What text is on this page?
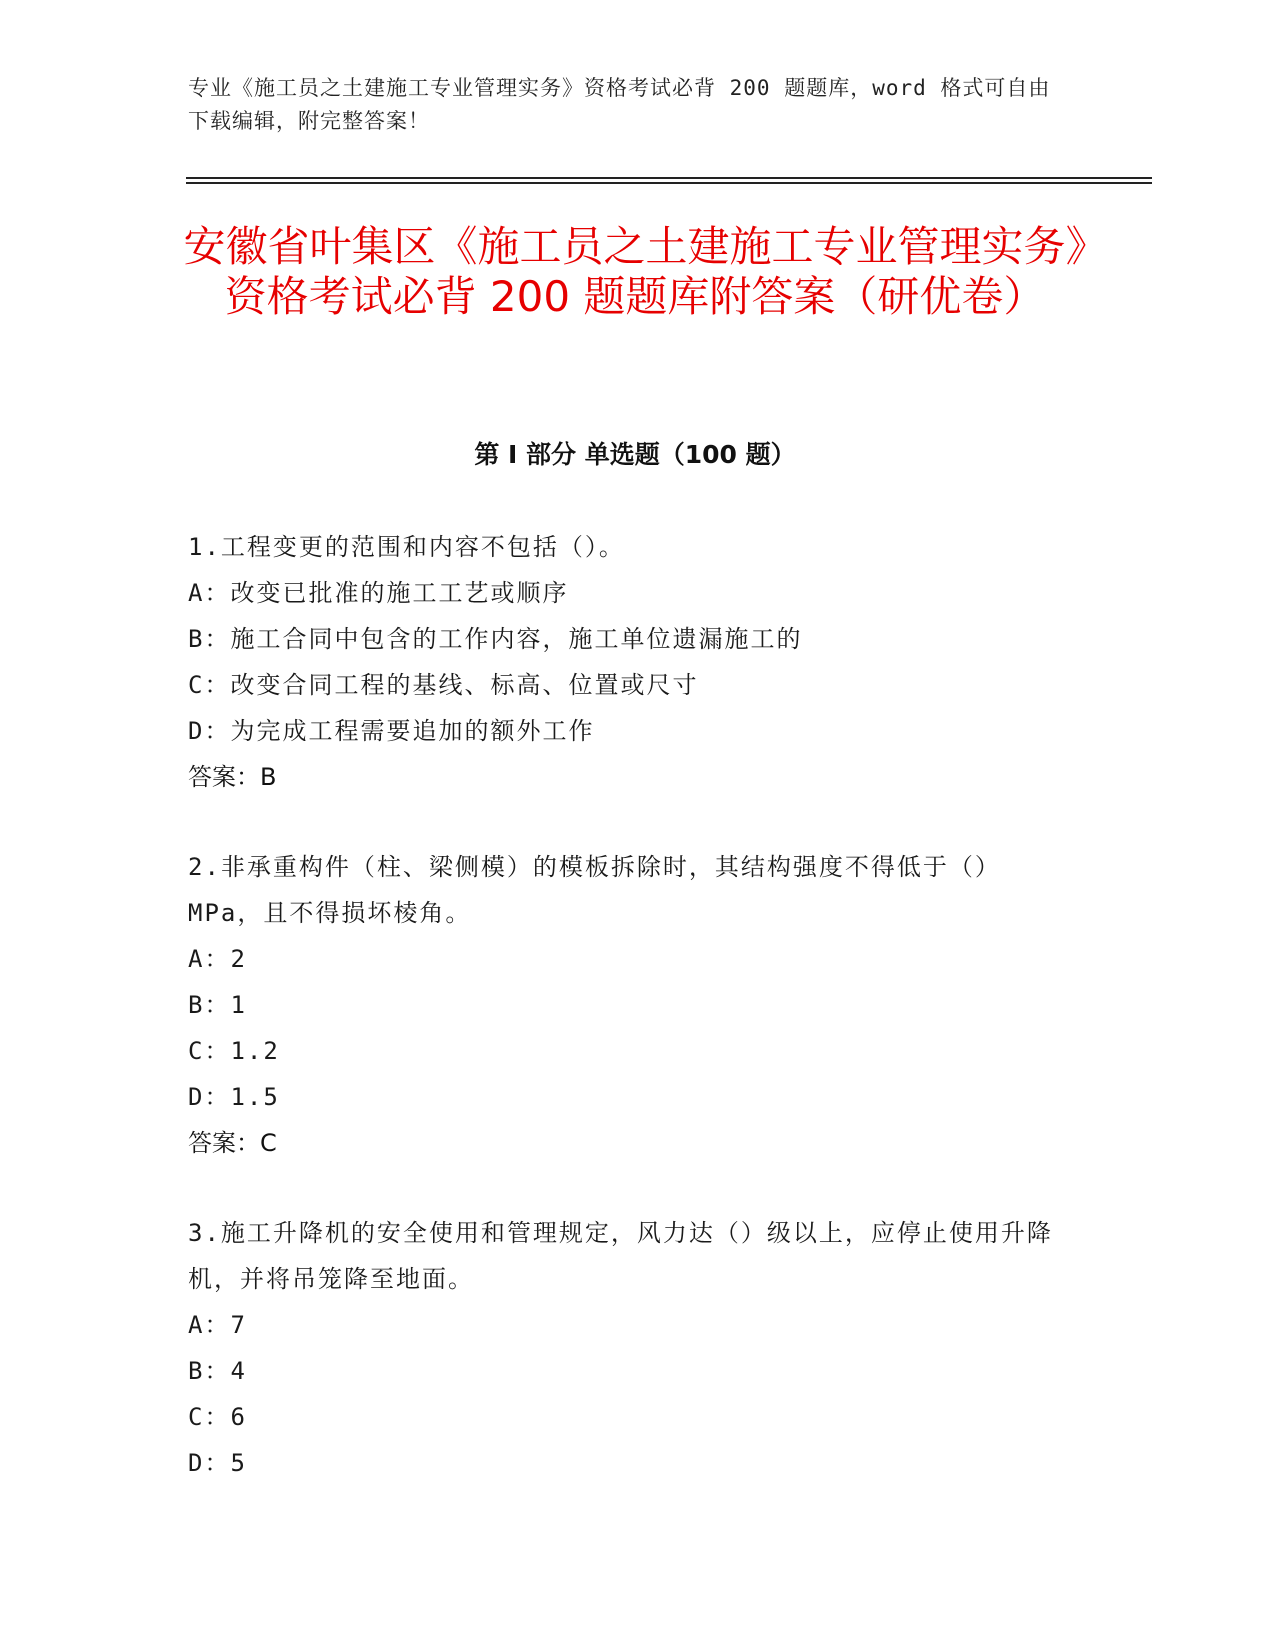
专业《施工员之土建施工专业管理实务》资格考试必背 200 题题库，word 格式可自由下载编辑，附完整答案！
安徽省叶集区《施工员之土建施工专业管理实务》资格考试必背 200 题题库附答案（研优卷）
第 I 部分 单选题（100 题）

1.工程变更的范围和内容不包括（）。

A：改变已批准的施工工艺或顺序

B：施工合同中包含的工作内容，施工单位遗漏施工的

C：改变合同工程的基线、标高、位置或尺寸

D：为完成工程需要追加的额外工作

答案：B

2.非承重构件（柱、梁侧模）的模板拆除时，其结构强度不得低于（）MPa，且不得损坏棱角。

A：2

B：1

C：1.2

D：1.5

答案：C

3.施工升降机的安全使用和管理规定，风力达（）级以上，应停止使用升降机，并将吊笼降至地面。

A：7

B：4

C：6

D：5
